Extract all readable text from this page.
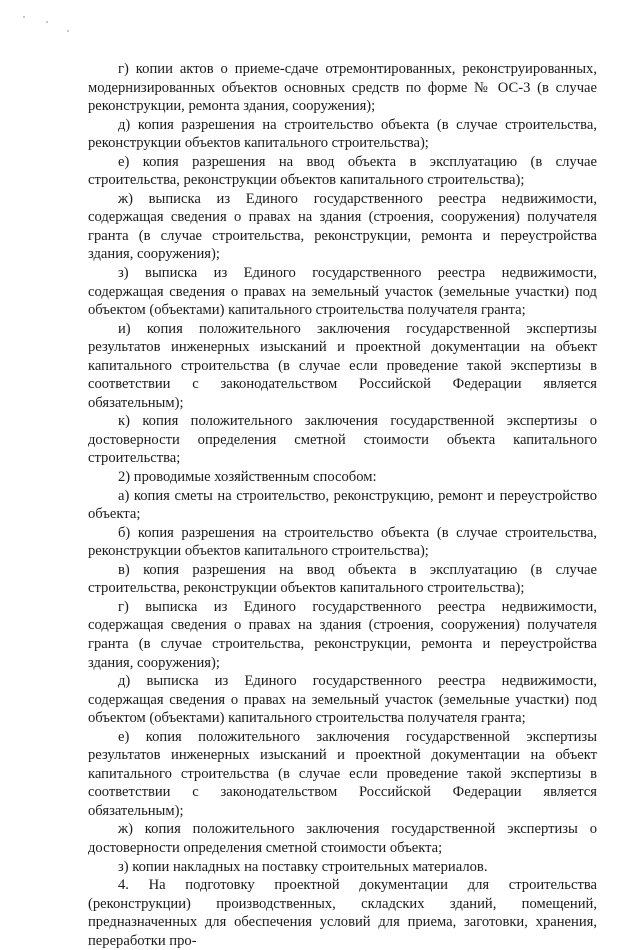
г) копии актов о приеме-сдаче отремонтированных, реконструированных, модернизированных объектов основных средств по форме № ОС-3 (в случае реконструкции, ремонта здания, сооружения);

д) копия разрешения на строительство объекта (в случае строительства, реконструкции объектов капитального строительства);

е) копия разрешения на ввод объекта в эксплуатацию (в случае строительства, реконструкции объектов капитального строительства);

ж) выписка из Единого государственного реестра недвижимости, содержащая сведения о правах на здания (строения, сооружения) получателя гранта (в случае строительства, реконструкции, ремонта и переустройства здания, сооружения);

з) выписка из Единого государственного реестра недвижимости, содержащая сведения о правах на земельный участок (земельные участки) под объектом (объектами) капитального строительства получателя гранта;

и) копия положительного заключения государственной экспертизы результатов инженерных изысканий и проектной документации на объект капитального строительства (в случае если проведение такой экспертизы в соответствии с законодательством Российской Федерации является обязательным);

к) копия положительного заключения государственной экспертизы о достоверности определения сметной стоимости объекта капитального строительства;

2) проводимые хозяйственным способом:

а) копия сметы на строительство, реконструкцию, ремонт и переустройство объекта;

б) копия разрешения на строительство объекта (в случае строительства, реконструкции объектов капитального строительства);

в) копия разрешения на ввод объекта в эксплуатацию (в случае строительства, реконструкции объектов капитального строительства);

г) выписка из Единого государственного реестра недвижимости, содержащая сведения о правах на здания (строения, сооружения) получателя гранта (в случае строительства, реконструкции, ремонта и переустройства здания, сооружения);

д) выписка из Единого государственного реестра недвижимости, содержащая сведения о правах на земельный участок (земельные участки) под объектом (объектами) капитального строительства получателя гранта;

е) копия положительного заключения государственной экспертизы результатов инженерных изысканий и проектной документации на объект капитального строительства (в случае если проведение такой экспертизы в соответствии с законодательством Российской Федерации является обязательным);

ж) копия положительного заключения государственной экспертизы о достоверности определения сметной стоимости объекта;

з) копии накладных на поставку строительных материалов.

4. На подготовку проектной документации для строительства (реконструкции) производственных, складских зданий, помещений, предназначенных для обеспечения условий для приема, заготовки, хранения, переработки про-
